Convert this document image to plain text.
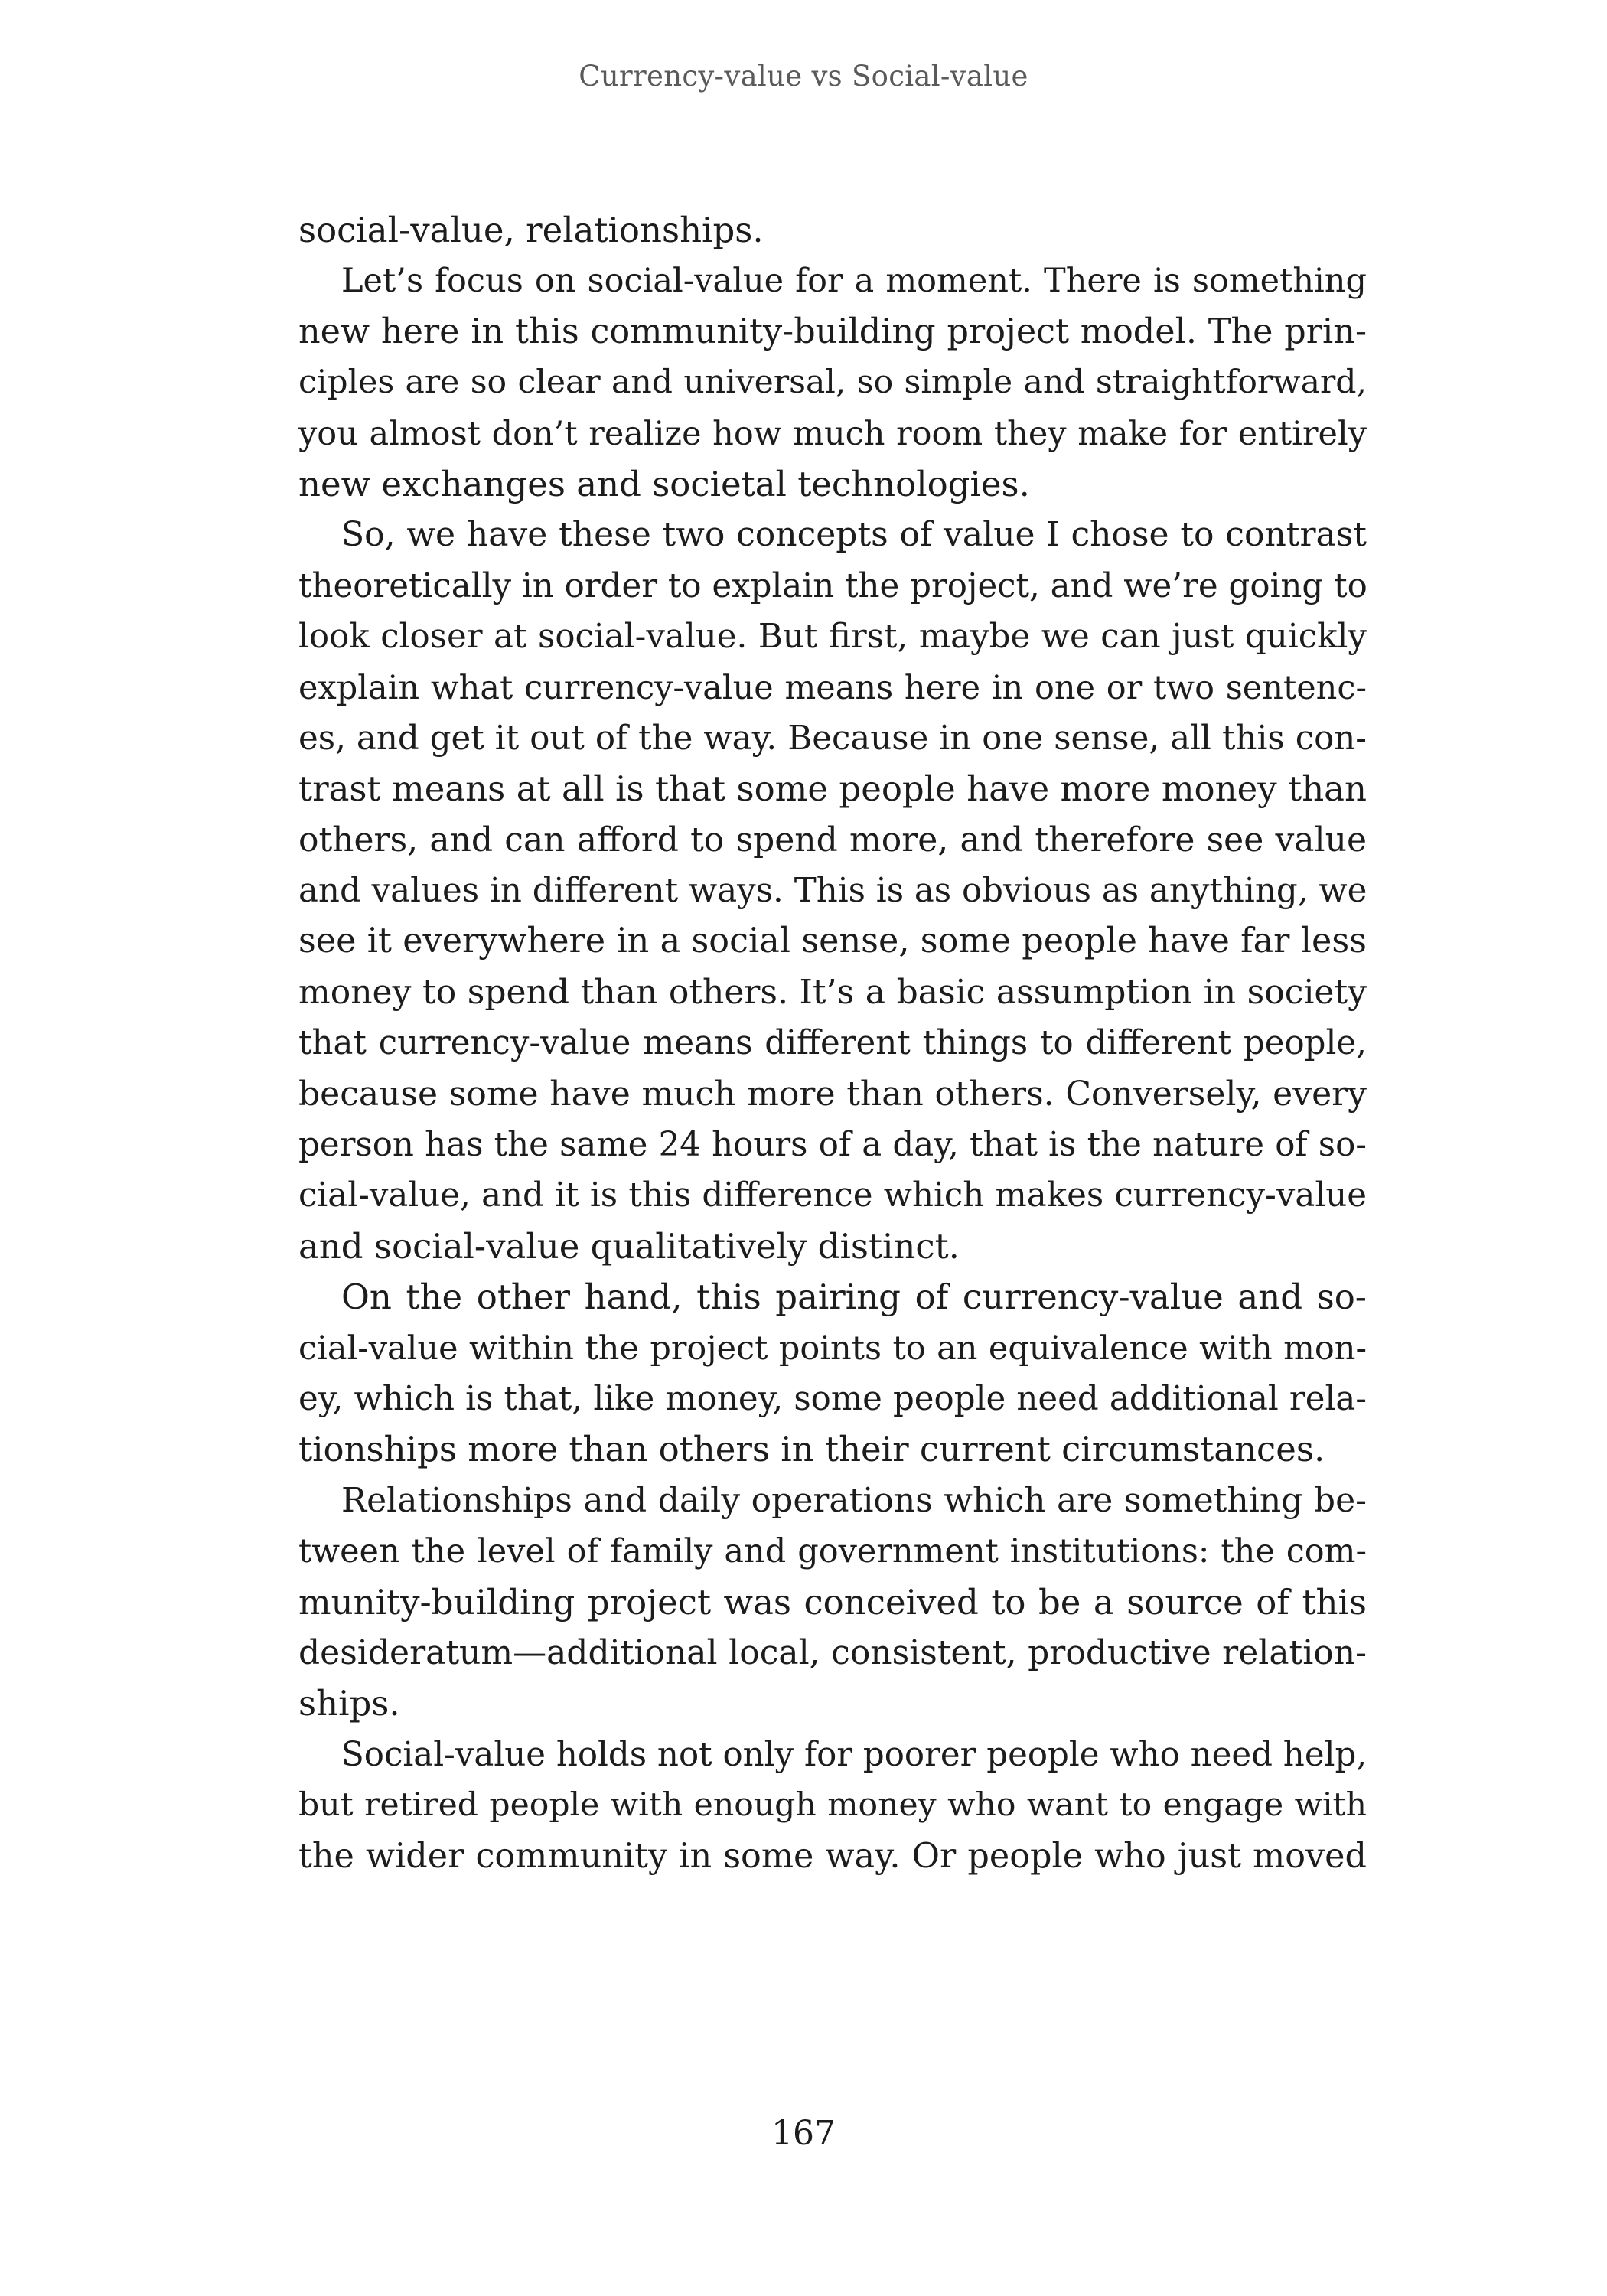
Currency-value vs Social-value
social-value, relationships.
Let’s focus on social-value for a moment. There is something
new here in this community-building project model. The prin-
ciples are so clear and universal, so simple and straightforward,
you almost don’t realize how much room they make for entirely
new exchanges and societal technologies.
So, we have these two concepts of value I chose to contrast
theoretically in order to explain the project, and we’re going to
look closer at social-value. But first, maybe we can just quickly
explain what currency-value means here in one or two sentenc-
es, and get it out of the way. Because in one sense, all this con-
trast means at all is that some people have more money than
others, and can afford to spend more, and therefore see value
and values in different ways. This is as obvious as anything, we
see it everywhere in a social sense, some people have far less
money to spend than others. It’s a basic assumption in society
that currency-value means different things to different people,
because some have much more than others. Conversely, every
person has the same 24 hours of a day, that is the nature of so-
cial-value, and it is this difference which makes currency-value
and social-value qualitatively distinct.
On the other hand, this pairing of currency-value and so-
cial-value within the project points to an equivalence with mon-
ey, which is that, like money, some people need additional rela-
tionships more than others in their current circumstances.
Relationships and daily operations which are something be-
tween the level of family and government institutions: the com-
munity-building project was conceived to be a source of this
desideratum—additional local, consistent, productive relation-
ships.
Social-value holds not only for poorer people who need help,
but retired people with enough money who want to engage with
the wider community in some way. Or people who just moved
167
